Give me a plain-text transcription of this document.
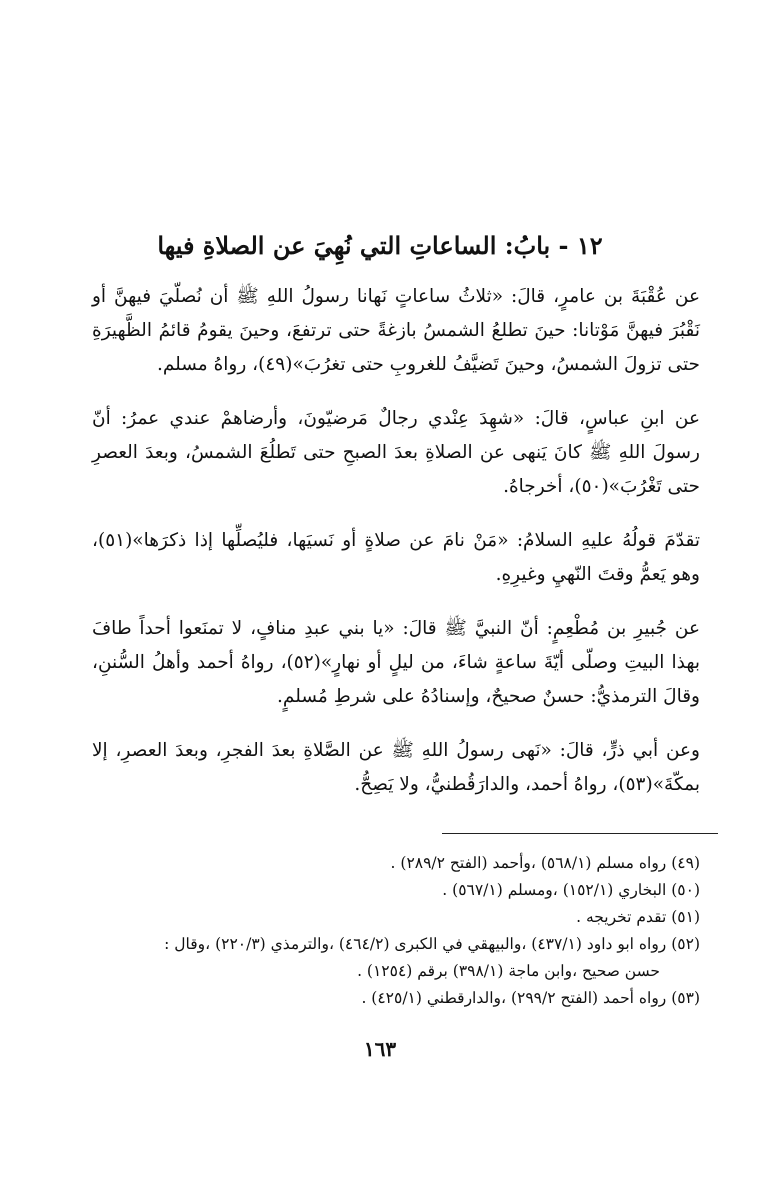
١٢ - بابُ: الساعاتِ التي نُهِيَ عن الصلاةِ فيها

عن عُقْبَةَ بن عامرٍ، قالَ: «ثلاثُ ساعاتٍ نَهانا رسولُ اللهِ ﷺ أن نُصلّيَ فيهنَّ أو نَقْبُرَ فيهنَّ مَوْتانا: حينَ تطلعُ الشمسُ بازغةً حتى ترتفعَ، وحينَ يقومُ قائمُ الظَّهيرَةِ حتى تزولَ الشمسُ، وحينَ تَضيَّفُ للغروبِ حتى تغرُبَ»(٤٩)، رواهُ مسلم.

عن ابنِ عباسٍ، قالَ: «شهِدَ عِنْدي رجالٌ مَرضيّونَ، وأرضاهمْ عندي عمرُ: أنّ رسولَ اللهِ ﷺ كانَ يَنهى عن الصلاةِ بعدَ الصبحِ حتى تَطلُعَ الشمسُ، وبعدَ العصرِ حتى تَغْرُبَ»(٥٠)، أخرجاهُ.

تقدّمَ قولُهُ عليهِ السلامُ: «مَنْ نامَ عن صلاةٍ أو نَسيَها، فليُصلِّها إذا ذكرَها»(٥١)، وهو يَعمُّ وقتَ النّهيِ وغيرِهِ.

عن جُبيرِ بن مُطْعِمٍ: أنّ النبيَّ ﷺ قالَ: «يا بني عبدِ منافٍ، لا تمنَعوا أحداً طافَ بهذا البيتِ وصلّى أيّةَ ساعةٍ شاءَ، من ليلٍ أو نهارٍ»(٥٢)، رواهُ أحمد وأهلُ السُّننِ، وقالَ الترمذيُّ: حسنٌ صحيحٌ، وإسنادُهُ على شرطِ مُسلمٍ.

وعن أبي ذرٍّ، قالَ: «نَهى رسولُ اللهِ ﷺ عن الصَّلاةِ بعدَ الفجرِ، وبعدَ العصرِ، إلا بمكّةَ»(٥٣)، رواهُ أحمد، والدارَقُطنيُّ، ولا يَصِحُّ.

(٤٩) رواه مسلم (٥٦٨/١) ،وأحمد (الفتح ٢٨٩/٢) .

(٥٠) البخاري (١٥٢/١) ،ومسلم (٥٦٧/١) .

(٥١) تقدم تخريجه .

(٥٢) رواه ابو داود (٤٣٧/١) ،والبيهقي في الكبرى (٤٦٤/٢) ،والترمذي (٢٢٠/٣) ،وقال :

حسن صحيح ،وابن ماجة (٣٩٨/١) برقم (١٢٥٤) .

(٥٣) رواه أحمد (الفتح ٢٩٩/٢) ،والدارقطني (٤٢٥/١) .

١٦٣
